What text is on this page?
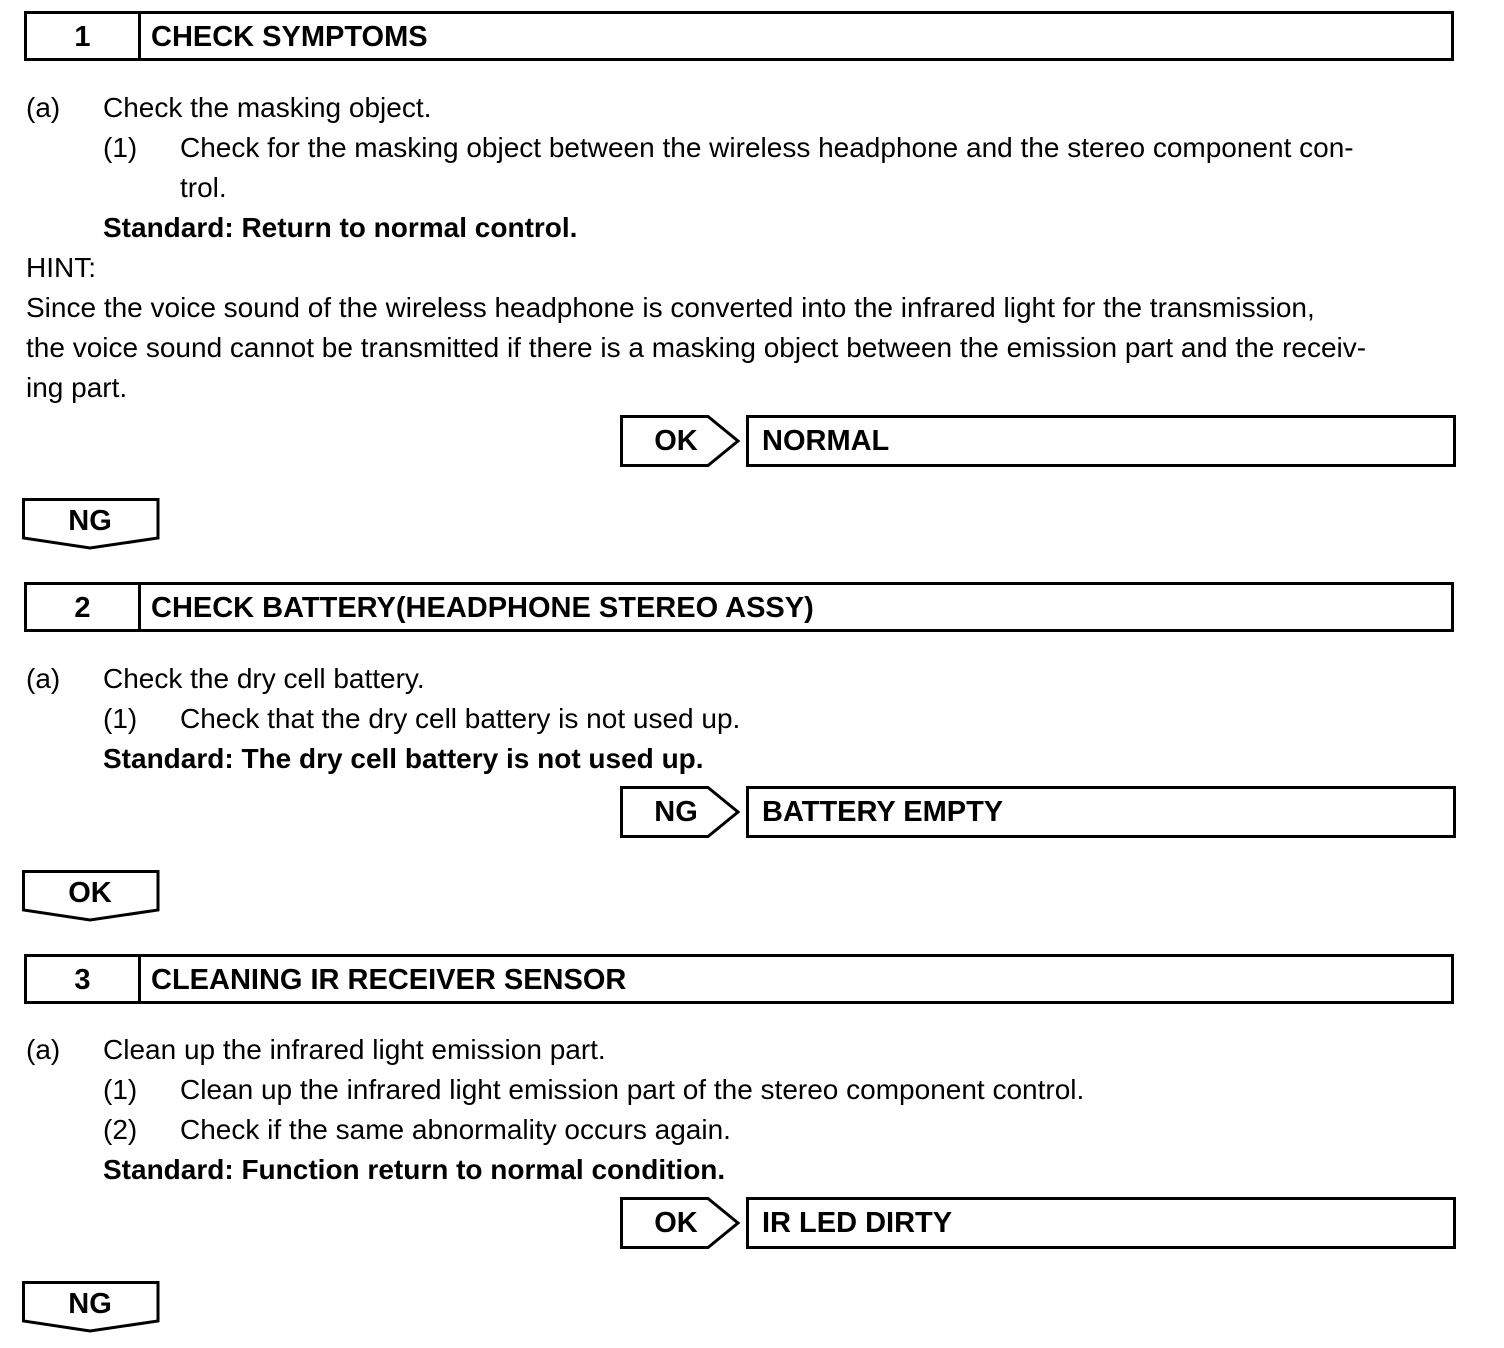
1	CHECK SYMPTOMS
(a) Check the masking object.
(1) Check for the masking object between the wireless headphone and the stereo component con-
trol.
Standard: Return to normal control.
HINT:
Since the voice sound of the wireless headphone is converted into the infrared light for the transmission,
the voice sound cannot be transmitted if there is a masking object between the emission part and the receiv-
ing part.
OK	NORMAL
NG
2	CHECK BATTERY(HEADPHONE STEREO ASSY)
(a) Check the dry cell battery.
(1) Check that the dry cell battery is not used up.
Standard: The dry cell battery is not used up.
NG	BATTERY EMPTY
OK
3	CLEANING IR RECEIVER SENSOR
(a) Clean up the infrared light emission part.
(1) Clean up the infrared light emission part of the stereo component control.
(2) Check if the same abnormality occurs again.
Standard: Function return to normal condition.
OK	IR LED DIRTY
NG
